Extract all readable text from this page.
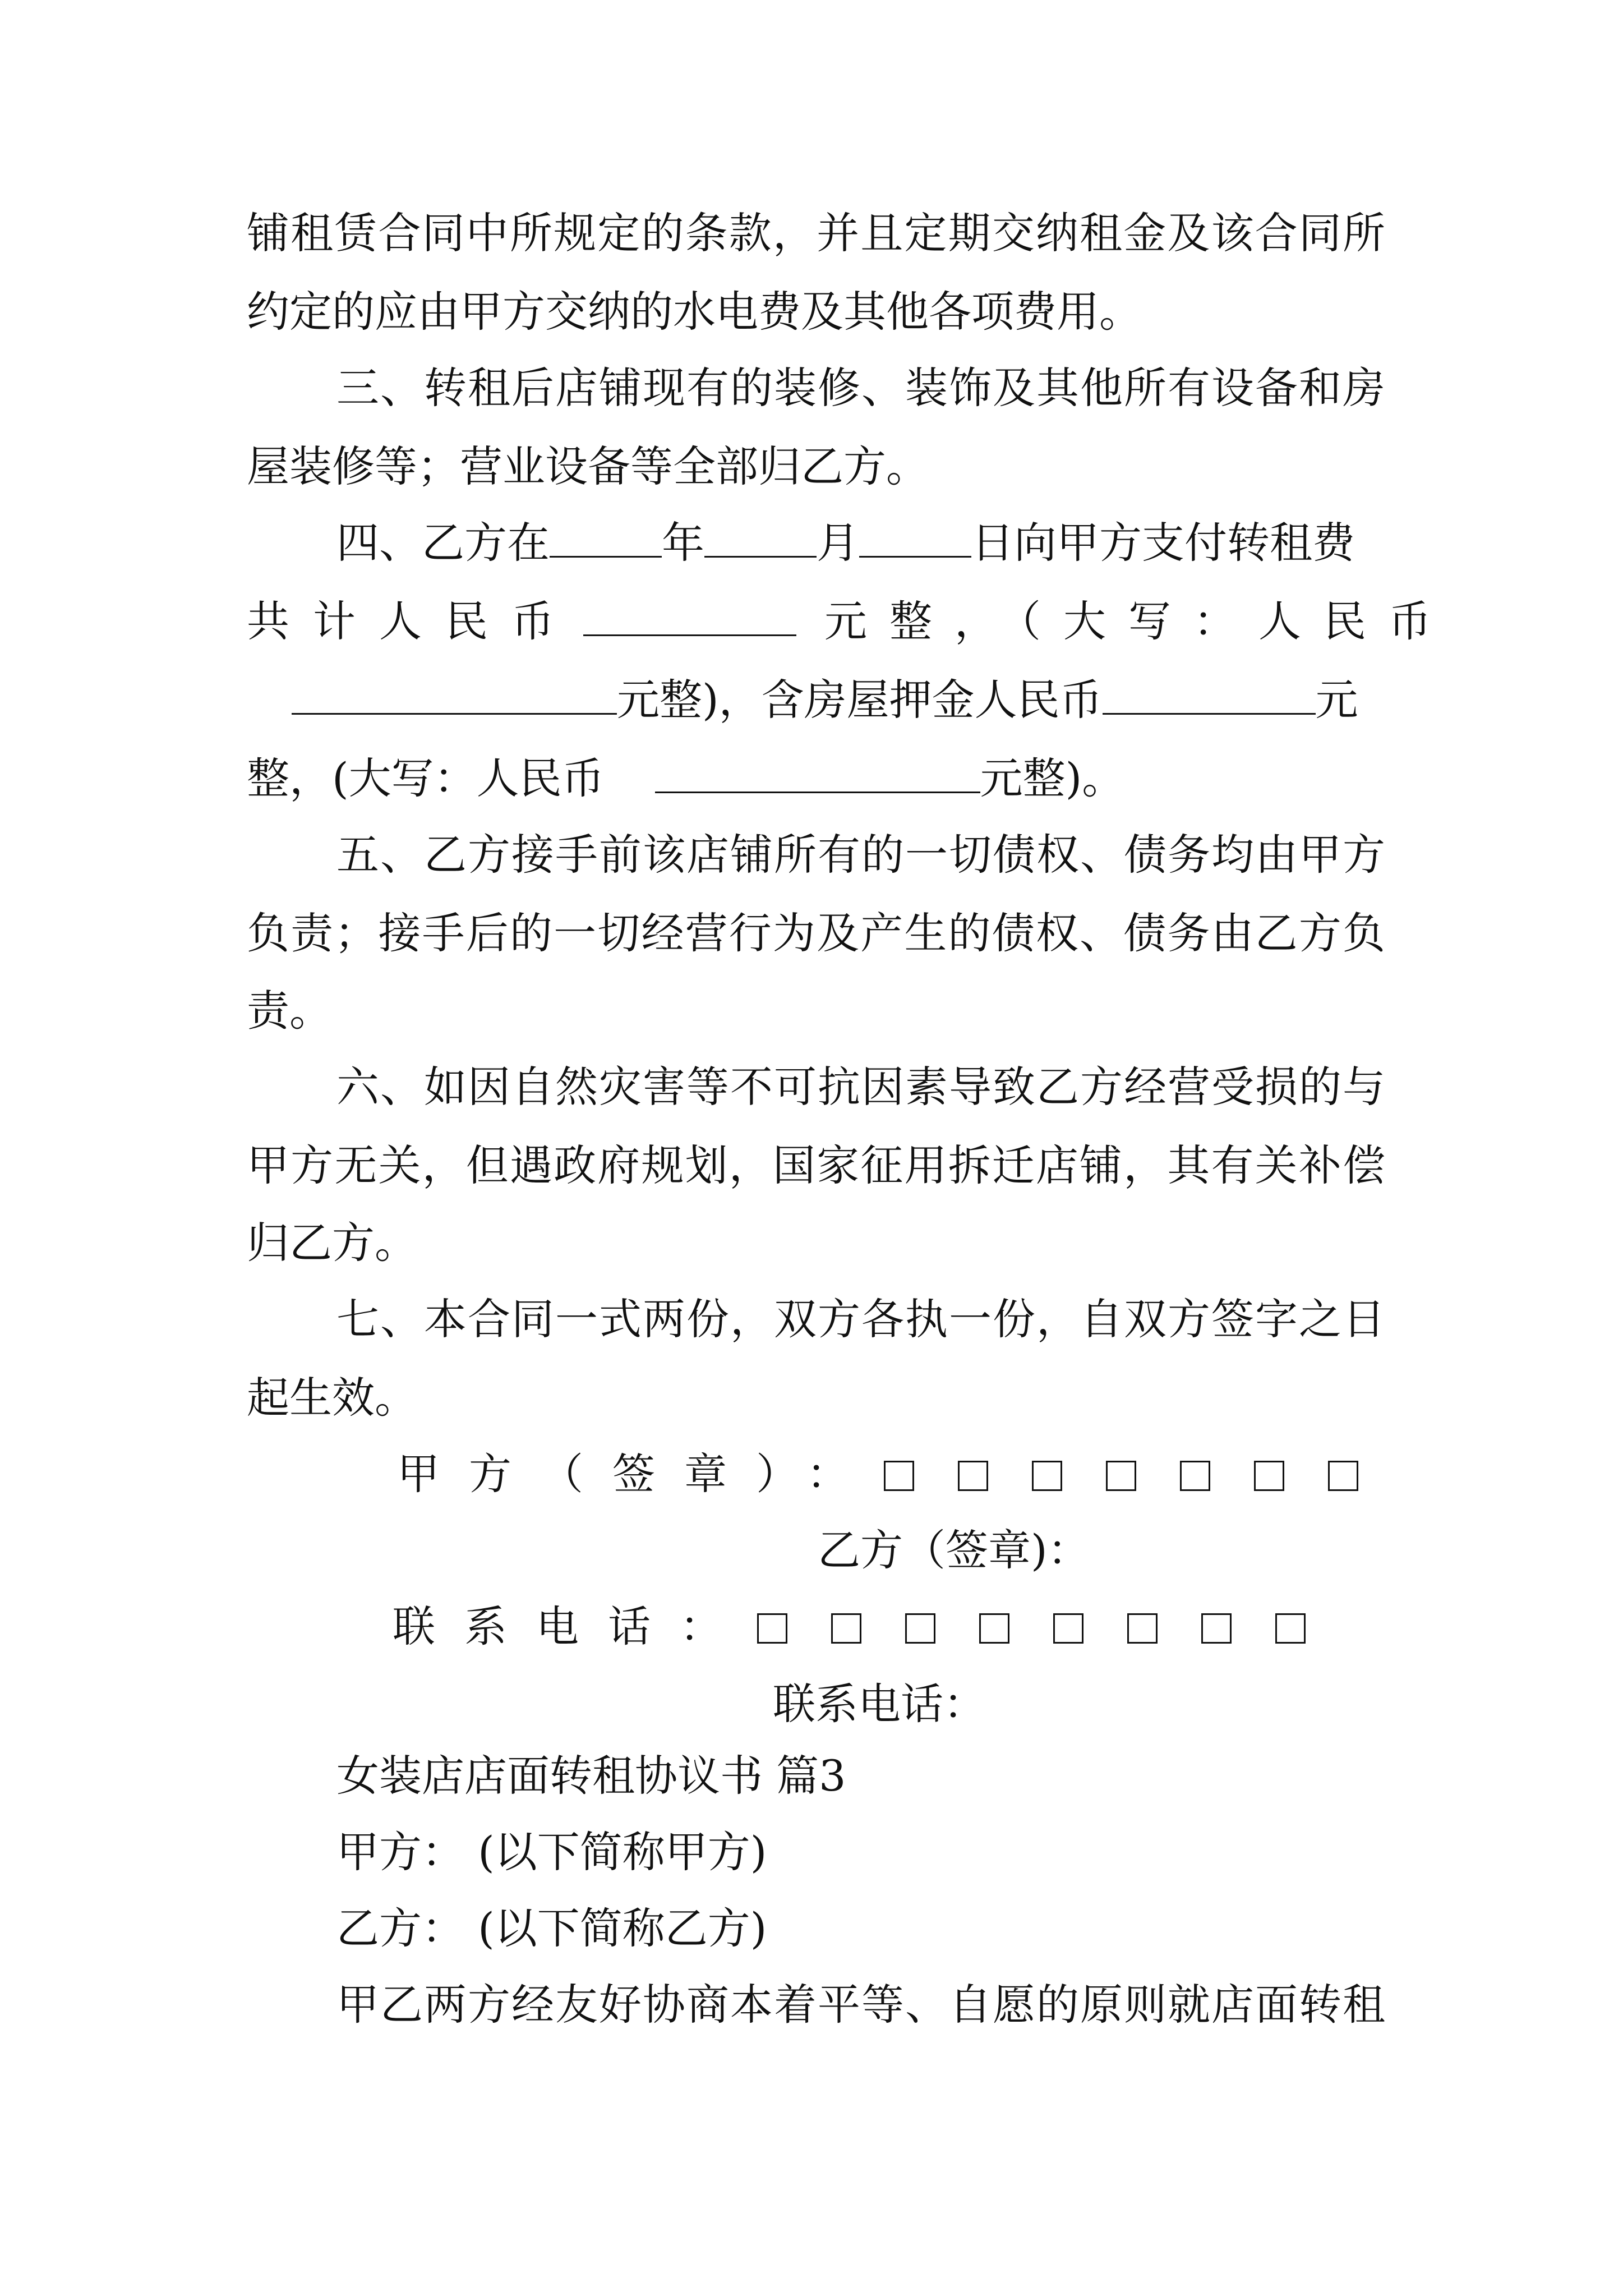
铺租赁合同中所规定的条款，并且定期交纳租金及该合同所
约定的应由甲方交纳的水电费及其他各项费用。
三、转租后店铺现有的装修、装饰及其他所有设备和房
屋装修等；营业设备等全部归乙方。
四、乙方在	年	月	日向甲方支付转租费
共计人民币	元整，（大写：人民币
元整)，含房屋押金人民币	元
整，(大写：人民币	元整)。
五、乙方接手前该店铺所有的一切债权、债务均由甲方
负责；接手后的一切经营行为及产生的债权、债务由乙方负
责。
六、如因自然灾害等不可抗因素导致乙方经营受损的与
甲方无关，但遇政府规划，国家征用拆迁店铺，其有关补偿
归乙方。
七、本合同一式两份，双方各执一份，自双方签字之日
起生效。
甲方（签章）：
乙方（签章)：
联系电话：
联系电话：
女装店店面转租协议书 篇3
甲方： (以下简称甲方)
乙方： (以下简称乙方)
甲乙两方经友好协商本着平等、自愿的原则就店面转租
